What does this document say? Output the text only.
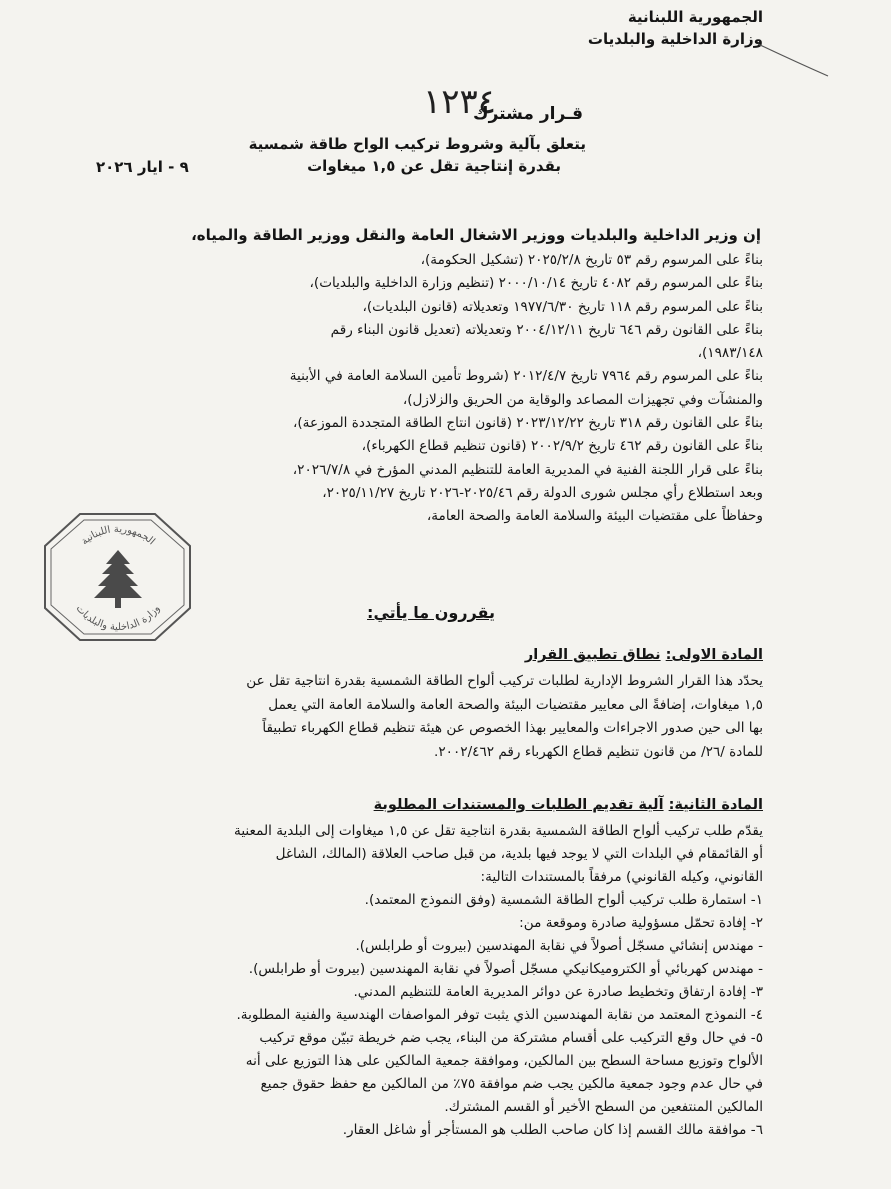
الجمهورية اللبنانية
وزارة الداخلية والبلديات
١٢٣٤
قـرار مشترك
يتعلق بآلية وشروط تركيب الواح طاقة شمسية
بقدرة إنتاجية تقل عن ١,٥ ميغاوات
٩ - ايار ٢٠٢٦
إن وزير الداخلية والبلديات ووزير الاشغال العامة والنقل ووزير الطاقة والمياه،
بناءً على المرسوم رقم ٥٣ تاريخ ٢٠٢٥/٢/٨ (تشكيل الحكومة)،
بناءً على المرسوم رقم ٤٠٨٢ تاريخ ٢٠٠٠/١٠/١٤ (تنظيم وزارة الداخلية والبلديات)،
بناءً على المرسوم رقم ١١٨ تاريخ ١٩٧٧/٦/٣٠ وتعديلاته (قانون البلديات)،
بناءً على القانون رقم ٦٤٦ تاريخ ٢٠٠٤/١٢/١١ وتعديلاته (تعديل قانون البناء رقم
١٩٨٣/١٤٨)،
بناءً على المرسوم رقم ٧٩٦٤ تاريخ ٢٠١٢/٤/٧ (شروط تأمين السلامة العامة في الأبنية
والمنشآت وفي تجهيزات المصاعد والوقاية من الحريق والزلازل)،
بناءً على القانون رقم ٣١٨ تاريخ ٢٠٢٣/١٢/٢٢ (قانون انتاج الطاقة المتجددة الموزعة)،
بناءً على القانون رقم ٤٦٢ تاريخ ٢٠٠٢/٩/٢ (قانون تنظيم قطاع الكهرباء)،
بناءً على قرار اللجنة الفنية في المديرية العامة للتنظيم المدني المؤرخ في ٢٠٢٦/٧/٨،
وبعد استطلاع رأي مجلس شورى الدولة رقم ٢٠٢٥/٤٦-٢٠٢٦ تاريخ ٢٠٢٥/١١/٢٧،
وحفاظاً على مقتضيات البيئة والسلامة العامة والصحة العامة،
الجمهورية اللبنانية
وزارة الداخلية والبلديات	يقررون ما يأتي:
المادة الاولى: نطاق تطبيق القرار
يحدّد هذا القرار الشروط الإدارية لطلبات تركيب ألواح الطاقة الشمسية بقدرة انتاجية تقل عن
١,٥ ميغاوات، إضافةً الى معايير مقتضيات البيئة والصحة العامة والسلامة العامة التي يعمل
بها الى حين صدور الاجراءات والمعايير بهذا الخصوص عن هيئة تنظيم قطاع الكهرباء تطبيقاً
للمادة /٢٦/ من قانون تنظيم قطاع الكهرباء رقم ٢٠٠٢/٤٦٢.
المادة الثانية: آلية تقديم الطلبات والمستندات المطلوبة
يقدّم طلب تركيب ألواح الطاقة الشمسية بقدرة انتاجية تقل عن ١,٥ ميغاوات إلى البلدية المعنية
أو القائمقام في البلدات التي لا يوجد فيها بلدية، من قبل صاحب العلاقة (المالك، الشاغل
القانوني، وكيله القانوني) مرفقاً بالمستندات التالية:
١- استمارة طلب تركيب ألواح الطاقة الشمسية (وفق النموذج المعتمد).
٢- إفادة تحمّل مسؤولية صادرة وموقعة من:
- مهندس إنشائي مسجّل أصولاً في نقابة المهندسين (بيروت أو طرابلس).
- مهندس كهربائي أو الكتروميكانيكي مسجّل أصولاً في نقابة المهندسين (بيروت أو طرابلس).
٣- إفادة ارتفاق وتخطيط صادرة عن دوائر المديرية العامة للتنظيم المدني.
٤- النموذج المعتمد من نقابة المهندسين الذي يثبت توفر المواصفات الهندسية والفنية المطلوبة.
٥- في حال وقع التركيب على أقسام مشتركة من البناء، يجب ضم خريطة تبيّن موقع تركيب
الألواح وتوزيع مساحة السطح بين المالكين، وموافقة جمعية المالكين على هذا التوزيع على أنه
في حال عدم وجود جمعية مالكين يجب ضم موافقة ٧٥٪ من المالكين مع حفظ حقوق جميع
المالكين المنتفعين من السطح الأخير أو القسم المشترك.
٦- موافقة مالك القسم إذا كان صاحب الطلب هو المستأجر أو شاغل العقار.
